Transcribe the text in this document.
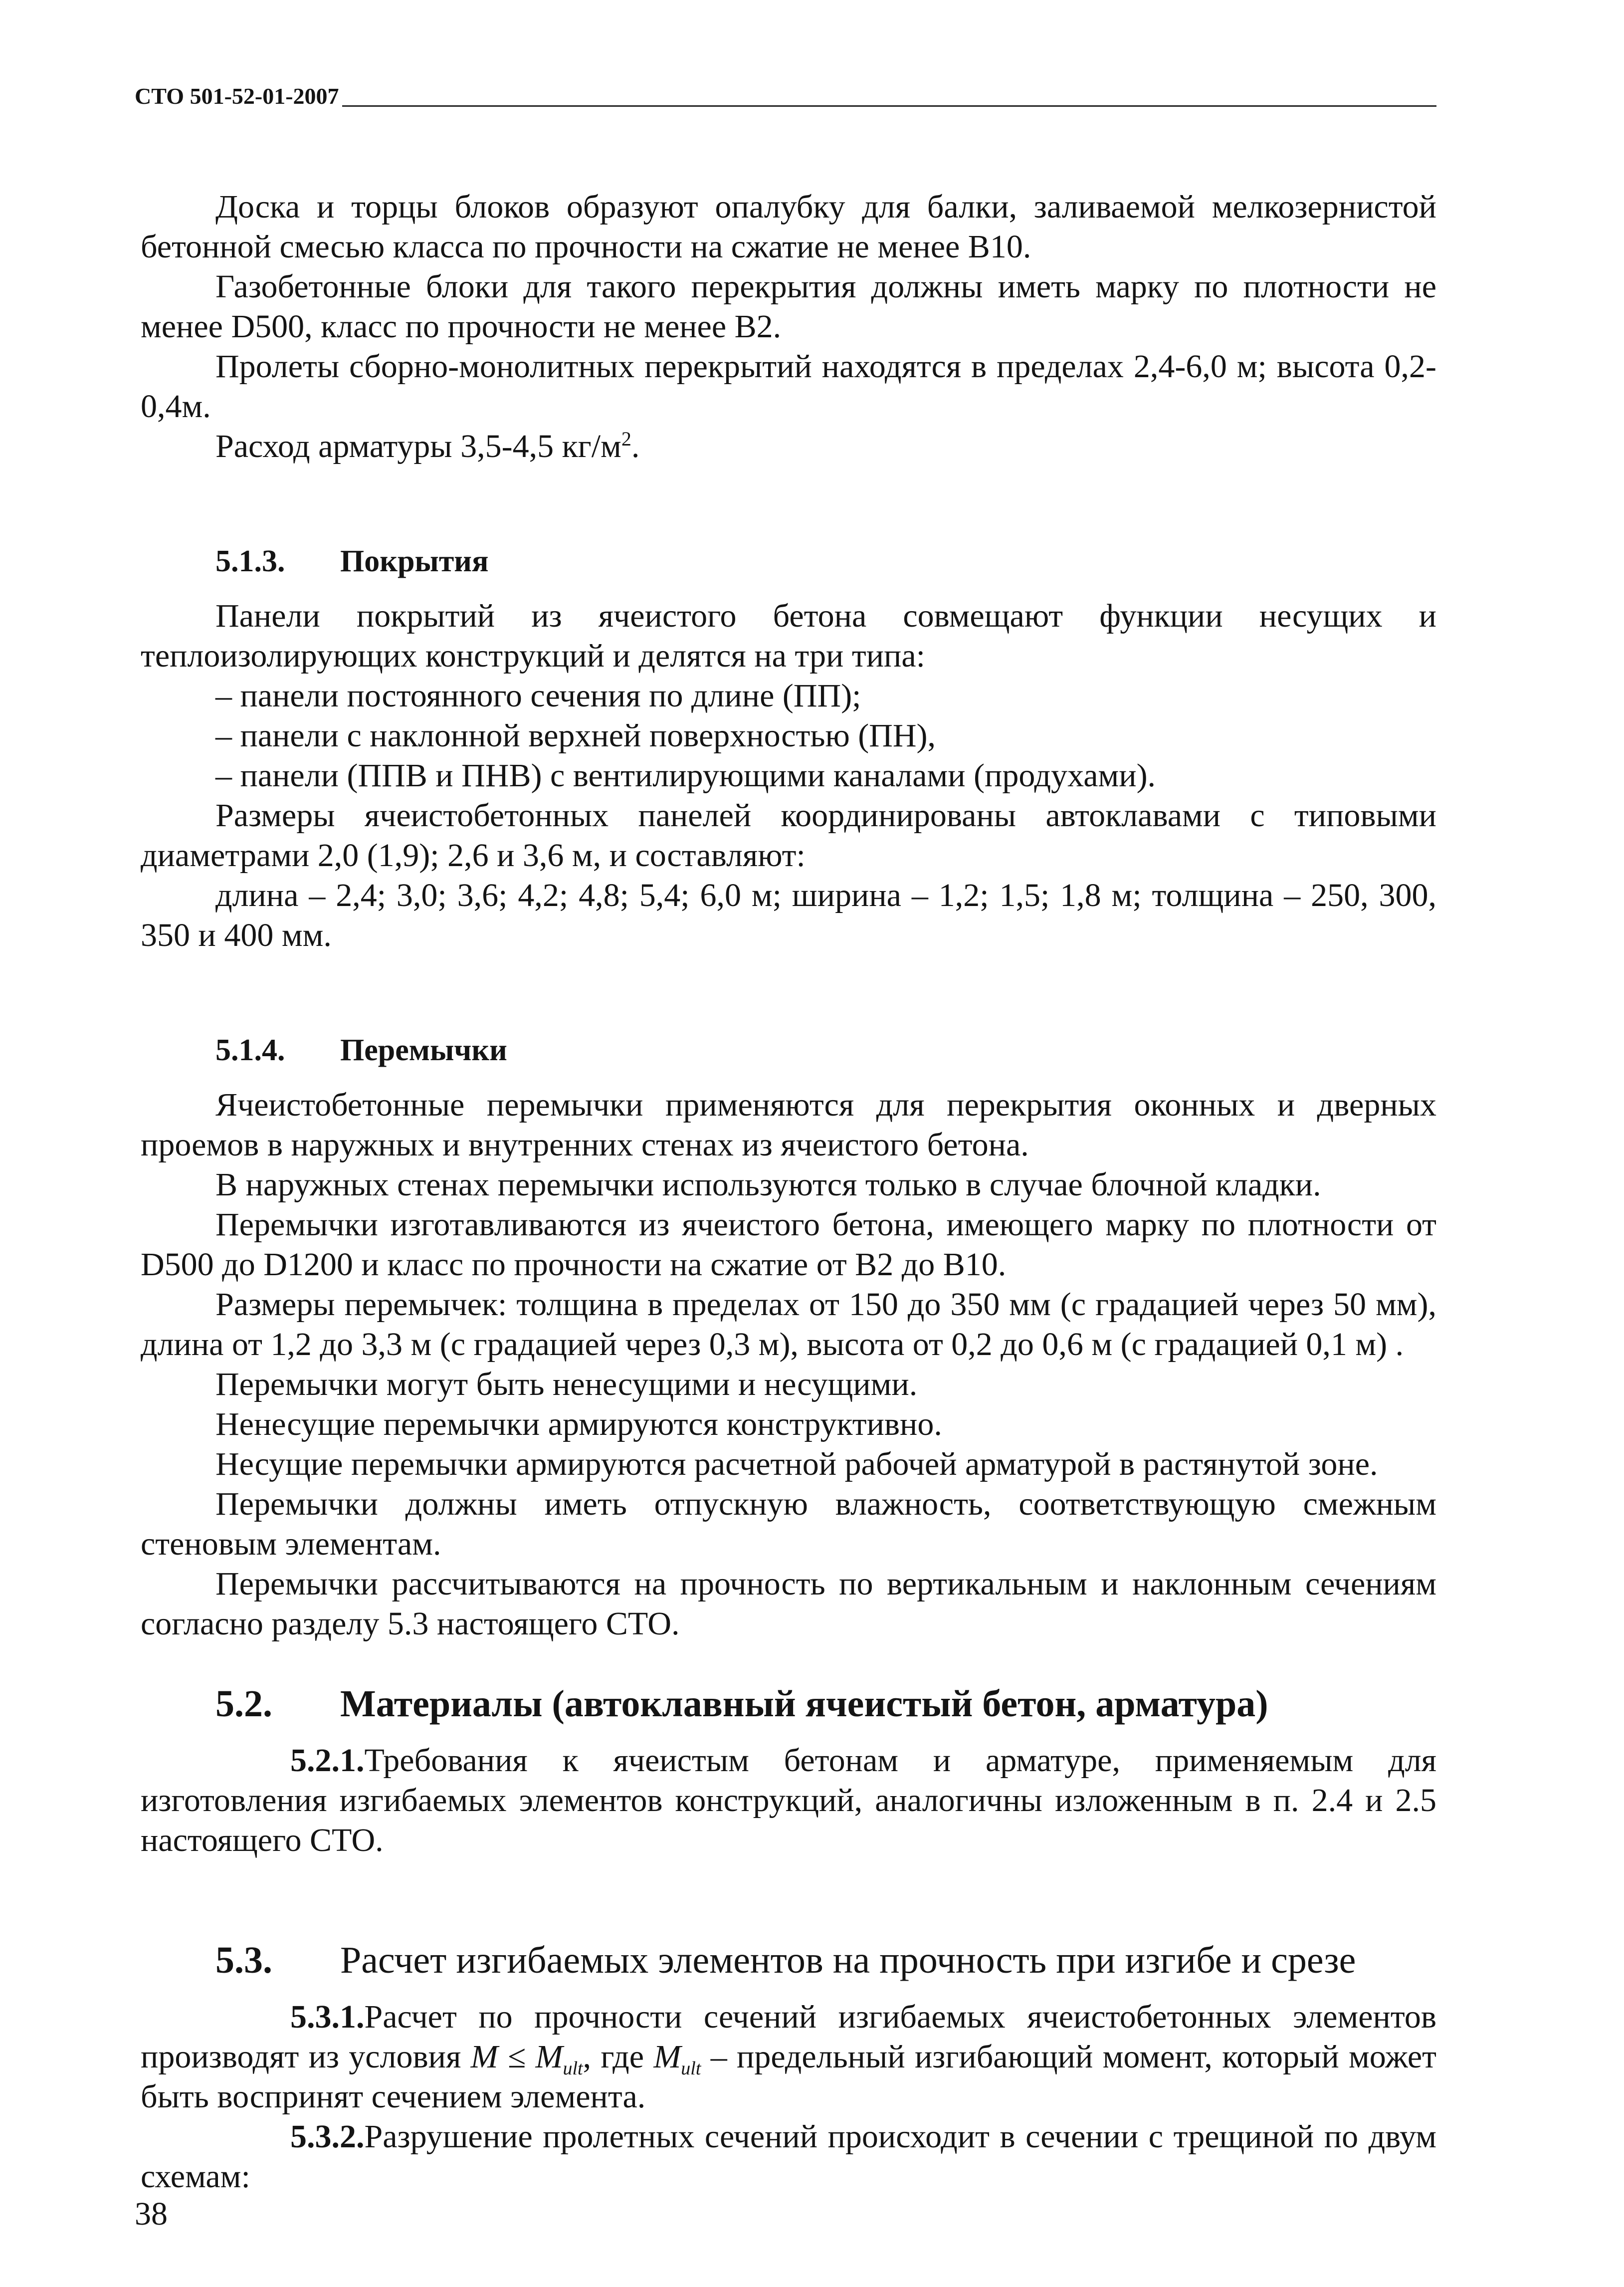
СТО 501-52-01-2007

Доска и торцы блоков образуют опалубку для балки, заливаемой мелкозернистой бетонной смесью класса по прочности на сжатие не менее В10.

Газобетонные блоки для такого перекрытия должны иметь марку по плотности не менее D500, класс по прочности не менее В2.

Пролеты сборно-монолитных перекрытий находятся в пределах 2,4-6,0 м; высота 0,2-0,4м.

Расход арматуры 3,5-4,5 $кг/м^2$.

5.1.3. Покрытия

Панели покрытий из ячеистого бетона совмещают функции несущих и теплоизолирующих конструкций и делятся на три типа:

– панели постоянного сечения по длине (ПП);

– панели с наклонной верхней поверхностью (ПН),

– панели (ППВ и ПНВ) с вентилирующими каналами (продухами).

Размеры ячеистобетонных панелей координированы автоклавами с типовыми диаметрами 2,0 (1,9); 2,6 и 3,6 м, и составляют:

длина – 2,4; 3,0; 3,6; 4,2; 4,8; 5,4; 6,0 м; ширина – 1,2; 1,5; 1,8 м; толщина – 250, 300, 350 и 400 мм.

5.1.4. Перемычки

Ячеистобетонные перемычки применяются для перекрытия оконных и дверных проемов в наружных и внутренних стенах из ячеистого бетона.

В наружных стенах перемычки используются только в случае блочной кладки.

Перемычки изготавливаются из ячеистого бетона, имеющего марку по плотности от D500 до D1200 и класс по прочности на сжатие от В2 до В10.

Размеры перемычек: толщина в пределах от 150 до 350 мм (с градацией через 50 мм), длина от 1,2 до 3,3 м (с градацией через 0,3 м), высота от 0,2 до 0,6 м (с градацией 0,1 м) .

Перемычки могут быть ненесущими и несущими.

Ненесущие перемычки армируются конструктивно.

Несущие перемычки армируются расчетной рабочей арматурой в растянутой зоне.

Перемычки должны иметь отпускную влажность, соответствующую смежным стеновым элементам.

Перемычки рассчитываются на прочность по вертикальным и наклонным сечениям согласно разделу 5.3 настоящего СТО.

5.2. Материалы (автоклавный ячеистый бетон, арматура)

5.2.1.Требования к ячеистым бетонам и арматуре, применяемым для изготовления изгибаемых элементов конструкций, аналогичны изложенным в п. 2.4 и 2.5 настоящего СТО.

5.3. Расчет изгибаемых элементов на прочность при изгибе и срезе

5.3.1.Расчет по прочности сечений изгибаемых ячеистобетонных элементов производят из условия $M \le M_{ult}$, где $M_{ult}$ – предельный изгибающий момент, который может быть воспринят сечением элемента.

5.3.2.Разрушение пролетных сечений происходит в сечении с трещиной по двум схемам:

38
